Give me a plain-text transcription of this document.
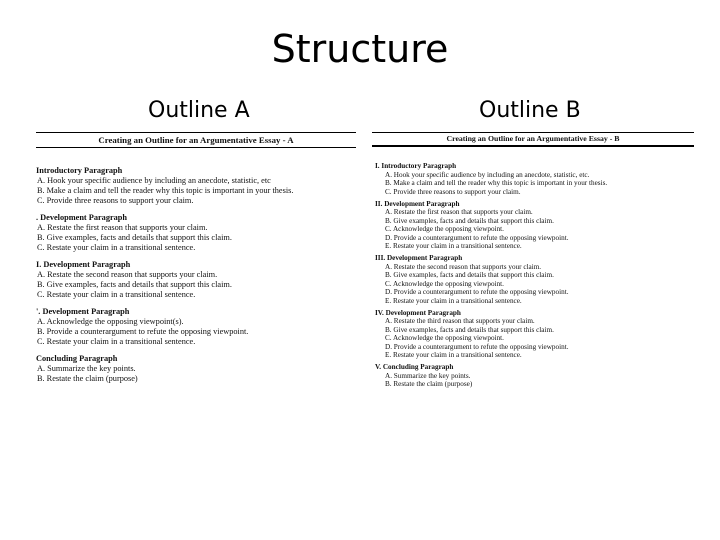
Structure
Outline A	Outline B
Creating an Outline for an Argumentative Essay - A
Introductory Paragraph
A. Hook your specific audience by including an anecdote, statistic, etc
B. Make a claim and tell the reader why this topic is important in your thesis.
C. Provide three reasons to support your claim.
. Development Paragraph
A. Restate the first reason that supports your claim.
B. Give examples, facts and details that support this claim.
C. Restate your claim in a transitional sentence.
I. Development Paragraph
A. Restate the second reason that supports your claim.
B. Give examples, facts and details that support this claim.
C. Restate your claim in a transitional sentence.
'. Development Paragraph
A. Acknowledge the opposing viewpoint(s).
B. Provide a counterargument to refute the opposing viewpoint.
C. Restate your claim in a transitional sentence.
Concluding Paragraph
A. Summarize the key points.
B. Restate the claim (purpose)
Creating an Outline for an Argumentative Essay - B
I. Introductory Paragraph
A. Hook your specific audience by including an anecdote, statistic, etc.
B. Make a claim and tell the reader why this topic is important in your thesis.
C. Provide three reasons to support your claim.
II. Development Paragraph
A. Restate the first reason that supports your claim.
B. Give examples, facts and details that support this claim.
C. Acknowledge the opposing viewpoint.
D. Provide a counterargument to refute the opposing viewpoint.
E. Restate your claim in a transitional sentence.
III. Development Paragraph
A. Restate the second reason that supports your claim.
B. Give examples, facts and details that support this claim.
C. Acknowledge the opposing viewpoint.
D. Provide a counterargument to refute the opposing viewpoint.
E. Restate your claim in a transitional sentence.
IV. Development Paragraph
A. Restate the third reason that supports your claim.
B. Give examples, facts and details that support this claim.
C. Acknowledge the opposing viewpoint.
D. Provide a counterargument to refute the opposing viewpoint.
E. Restate your claim in a transitional sentence.
V. Concluding Paragraph
A. Summarize the key points.
B. Restate the claim (purpose)
